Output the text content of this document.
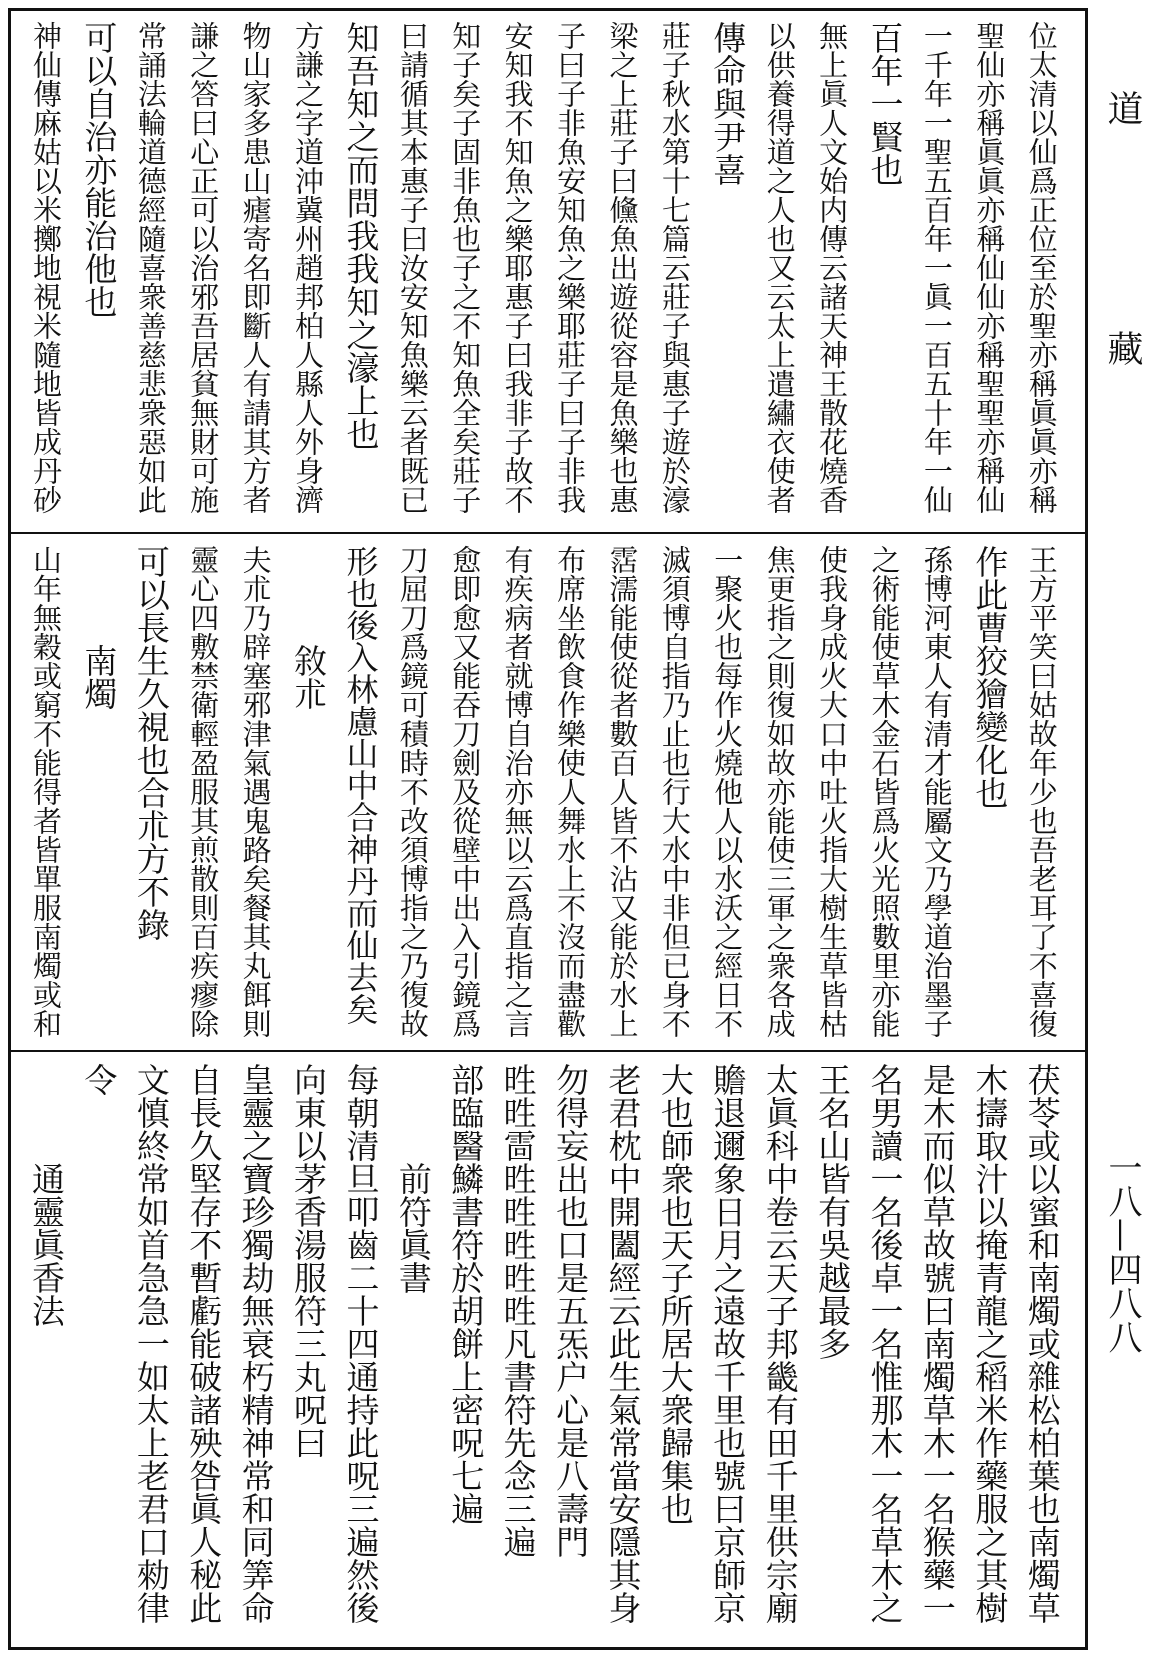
位太清以仙爲正位至於聖亦稱眞眞亦稱
聖仙亦稱眞眞亦稱仙仙亦稱聖聖亦稱仙
一千年一聖五百年一眞一百五十年一仙
百年一賢也
無上眞人文始内傳云諸天神王散花燒香
以供養得道之人也又云太上遣繡衣使者
傳命與尹喜
莊子秋水第十七篇云莊子與惠子遊於濠
梁之上莊子曰儵魚出遊從容是魚樂也惠
子曰子非魚安知魚之樂耶莊子曰子非我
安知我不知魚之樂耶惠子曰我非子故不
知子矣子固非魚也子之不知魚全矣莊子
曰請循其本惠子曰汝安知魚樂云者既已
知吾知之而問我我知之濠上也
方謙之字道沖冀州趙邦柏人縣人外身濟
物山家多患山瘧寄名即斷人有請其方者
謙之答曰心正可以治邪吾居貧無財可施
常誦法輪道德經隨喜衆善慈悲衆惡如此
可以自治亦能治他也
神仙傳麻姑以米擲地視米隨地皆成丹砂
王方平笑曰姑故年少也吾老耳了不喜復
作此曹狡獪變化也
孫博河東人有清才能屬文乃學道治墨子
之術能使草木金石皆爲火光照數里亦能
使我身成火大口中吐火指大樹生草皆枯
焦更指之則復如故亦能使三軍之衆各成
一聚火也每作火燒他人以水沃之經日不
滅須博自指乃止也行大水中非但已身不
霑濡能使從者數百人皆不沾又能於水上
布席坐飲食作樂使人舞水上不沒而盡歡
有疾病者就博自治亦無以云爲直指之言
愈即愈又能吞刀劍及從壁中出入引鏡爲
刀屈刀爲鏡可積時不改須博指之乃復故
形也後入林慮山中合神丹而仙去矣
　　　敘朮
夫朮乃辟塞邪津氣遇鬼路矣餐其丸餌則
靈心四敷禁衛輕盈服其煎散則百疾瘳除
可以長生久視也合朮方不錄
　　　南燭
山年無穀或窮不能得者皆單服南燭或和
茯苓或以蜜和南燭或雜松柏葉也南燭草
木擣取汁以掩青龍之稻米作藥服之其樹
是木而似草故號曰南燭草木一名猴藥一
名男讀一名後卓一名惟那木一名草木之
王名山皆有吳越最多
太眞科中卷云天子邦畿有田千里供宗廟
贍退邇象日月之遠故千里也號曰京師京
大也師衆也天子所居大衆歸集也
老君枕中開闔經云此生氣常當安隱其身
勿得妄出也口是五炁户心是八壽門
甠甠䨓甠甠甠甠甠凡書符先念三遍
部臨醫鱗書符於胡餅上密呪七遍
　　　前符眞書
每朝清旦叩齒二十四通持此呪三遍然後
向東以茅香湯服符三丸呪曰
皇靈之寶珍獨劫無衰朽精神常和同筭命
自長久堅存不暫虧能破諸殃咎眞人秘此
文慎終常如首急急一如太上老君口勑律
令
　　　通靈眞香法
道
藏
一八—四八八
